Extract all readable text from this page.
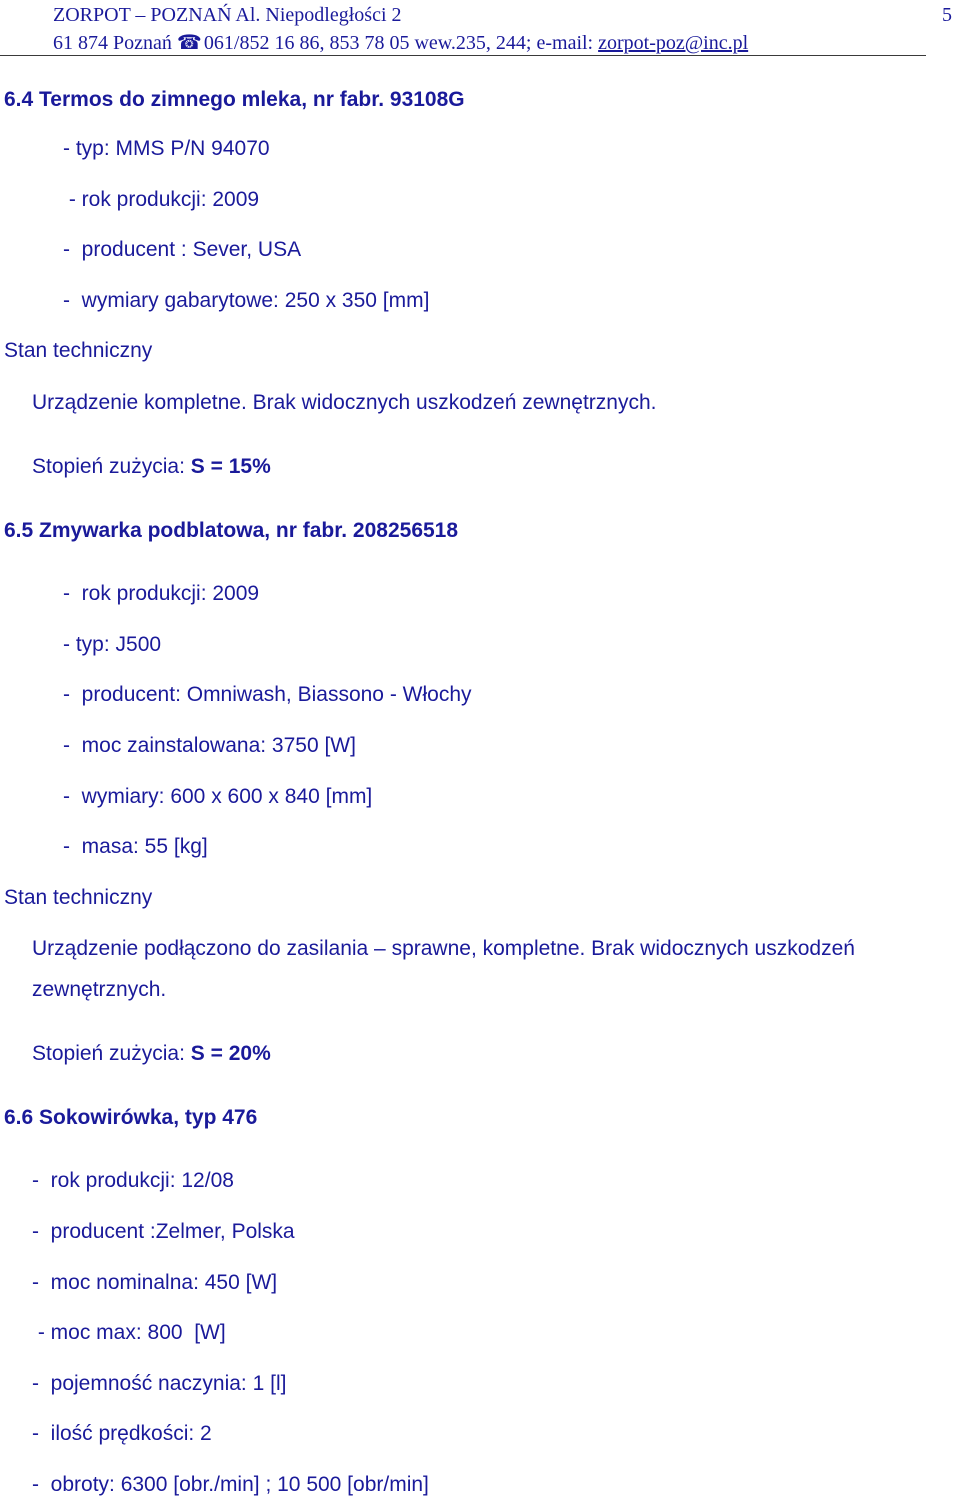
ZORPOT – POZNAŃ Al. Niepodległości 2
61 874 Poznań ☎ 061/852 16 86, 853 78 05 wew.235, 244; e-mail: zorpot-poz@inc.pl
5
6.4 Termos do zimnego mleka, nr fabr. 93108G
- typ: MMS P/N 94070
- rok produkcji: 2009
-  producent : Sever, USA
-  wymiary gabarytowe: 250 x 350 [mm]
Stan techniczny
Urządzenie kompletne. Brak widocznych uszkodzeń zewnętrznych.
Stopień zużycia: S = 15%
6.5 Zmywarka podblatowa, nr fabr. 208256518
-  rok produkcji: 2009
- typ: J500
-  producent: Omniwash, Biassono - Włochy
-  moc zainstalowana: 3750 [W]
-  wymiary: 600 x 600 x 840 [mm]
-  masa: 55 [kg]
Stan techniczny
Urządzenie podłączono do zasilania – sprawne, kompletne. Brak widocznych uszkodzeń
zewnętrznych.
Stopień zużycia: S = 20%
6.6 Sokowirówka, typ 476
-  rok produkcji: 12/08
-  producent :Zelmer, Polska
-  moc nominalna: 450 [W]
- moc max: 800  [W]
-  pojemność naczynia: 1 [l]
-  ilość prędkości: 2
-  obroty: 6300 [obr./min] ; 10 500 [obr/min]
